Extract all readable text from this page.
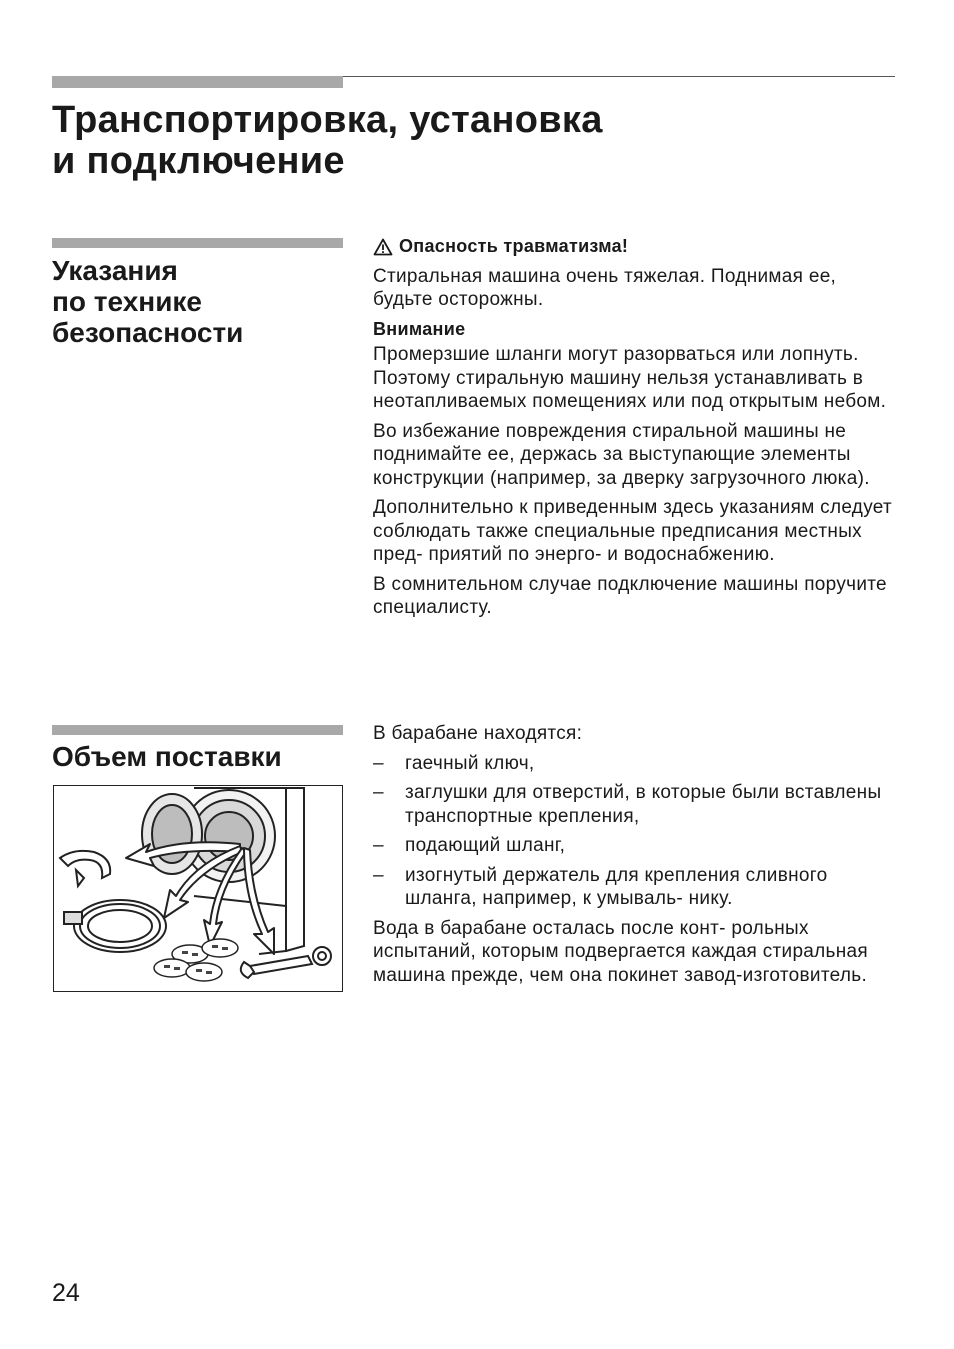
Транспортировка, установка
и подключение
Указания
по технике
безопасности
Опасность травматизма!

Стиральная машина очень тяжелая. Поднимая ее, будьте осторожны.

Внимание

Промерзшие шланги могут разорваться или лопнуть. Поэтому стиральную машину нельзя устанавливать в неотапливаемых помещениях или под открытым небом.

Во избежание повреждения стиральной машины не поднимайте ее, держась за выступающие элементы конструкции (например, за дверку загрузочного люка).

Дополнительно к приведенным здесь указаниям следует соблюдать также специальные предписания местных пред- приятий по энерго- и водоснабжению.

В сомнительном случае подключение машины поручите специалисту.

Объем поставки

В барабане находятся:

– гаечный ключ,
– заглушки для отверстий, в которые были вставлены транспортные крепления,
– подающий шланг,
– изогнутый держатель для крепления сливного шланга, например, к умываль- нику.

Вода в барабане осталась после конт- рольных испытаний, которым подвергается каждая стиральная машина прежде, чем она покинет завод-изготовитель.

24
